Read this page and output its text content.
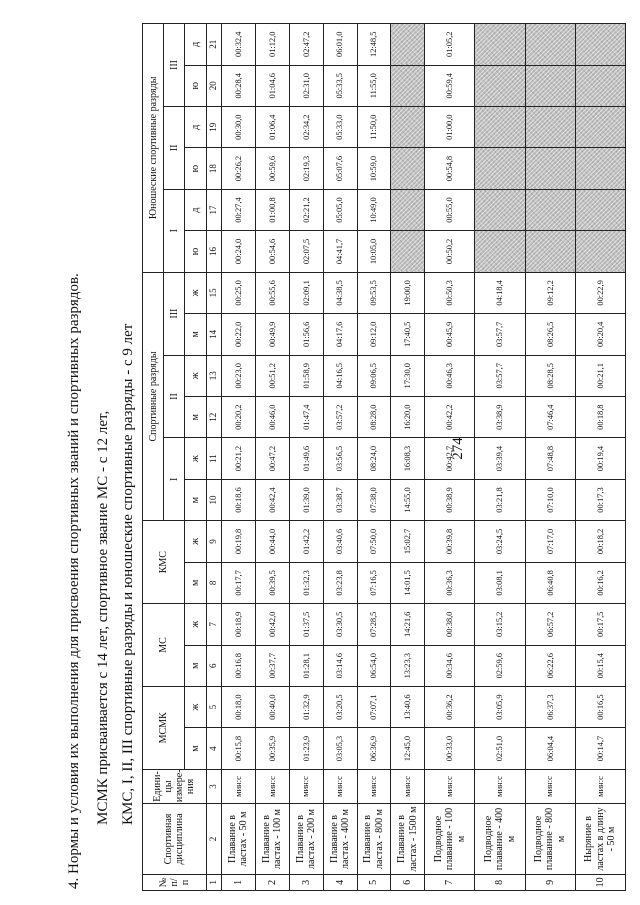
274
4. Нормы и условия их выполнения для присвоения спортивных званий и спортивных разрядов. МСМК присваивается с 14 лет, спортивное звание МС - с 12 лет, КМС, I, II, III спортивные разряды и юношеские спортивные разряды - с 9 лет
№ п/п	Спортивная дисциплина	Едини-цы измере-ния	МСМК		МС		КМС		Спортивные разряды						Юношеские спортивные разряды					
									I		II		III		I		II		III	
			м	ж	м	ж	м	ж	м	ж	м	ж	м	ж	ю	д	ю	д	ю	д
1	2	3	4	5	6	7	8	9	10	11	12	13	14	15	16	17	18	19	20	21
1	Плавание в ластах - 50 м	мин:с	00:15,8	00:18,0	00:16,8	00:18,9	00:17,7	00:19,8	00:18,6	00:21,2	00:20,2	00:23,0	00:22,0	00:25,0	00:24,0	00:27,4	00:26,2	00:30,0	00:28,4	00:32,4
2	Плавание в ластах - 100 м	мин:с	00:35,9	00:40,0	00:37,7	00:42,0	00:39,5	00:44,0	00:42,4	00:47,2	00:46,0	00:51,2	00:49,9	00:55,6	00:54,6	01:00,8	00:59,6	01:06,4	01:04,6	01:12,0
3	Плавание в ластах - 200 м	мин:с	01:23,9	01:32,9	01:28,1	01:37,5	01:32,3	01:42,2	01:39,0	01:49,6	01:47,4	01:58,9	01:56,6	02:09,1	02:07,5	02:21,2	02:19,3	02:34,2	02:31,0	02:47,2
4	Плавание в ластах - 400 м	мин:с	03:05,3	03:20,5	03:14,6	03:30,5	03:23,8	03:40,6	03:38,7	03:56,5	03:57,2	04:16,5	04:17,6	04:38,5	04:41,7	05:05,0	05:07,6	05:33,0	05:33,5	06:01,0
5	Плавание в ластах - 800 м	мин:с	06:36,9	07:07,1	06:54,0	07:28,5	07:16,5	07:50,0	07:38,0	08:24,0	08:28,0	09:06,5	09:12,0	09:53,5	10:05,0	10:49,0	10:59,0	11:50,0	11:55,0	12:48,5
6	Плавание в ластах - 1500 м	мин:с	12:45,0	13:40,6	13:23,3	14:21,6	14:01,5	15:02,7	14:55,0	16:08,3	16:20,0	17:30,0	17:40,5	19:00,0						
7	Подводное плавание - 100 м	мин:с	00:33,0	00:36,2	00:34,6	00:38,0	00:36,3	00:39,8	00:38,9	00:42,7	00:42,2	00:46,3	00:45,9	00:50,3	00:50,2	00:55,0	00:54,8	01:00,0	00:59,4	01:05,2
8	Подводное плавание - 400 м	мин:с	02:51,0	03:05,9	02:59,6	03:15,2	03:08,1	03:24,5	03:21,8	03:39,4	03:38,9	03:57,7	03:57,7	04:18,4						
9	Подводное плавание - 800 м	мин:с	06:04,4	06:37,3	06:22,6	06:57,2	06:40,8	07:17,0	07:10,0	07:48,8	07:46,4	08:28,5	08:26,5	09:12,2						
10	Ныряние в ластах в длину - 50 м	мин:с	00:14,7	00:16,5	00:15,4	00:17,5	00:16,2	00:18,2	00:17,3	00:19,4	00:18,8	00:21,1	00:20,4	00:22,9						
